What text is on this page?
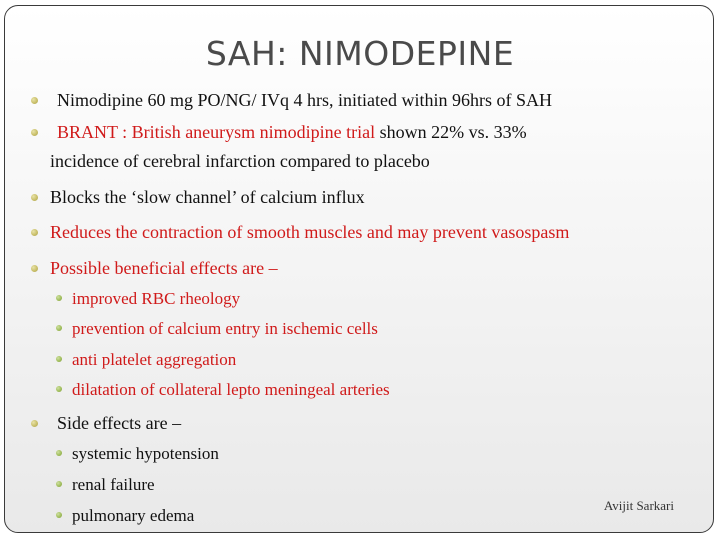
SAH: NIMODEPINE
Nimodipine 60 mg PO/NG/ IVq 4 hrs, initiated within 96hrs of SAH
BRANT : British aneurysm nimodipine trial shown 22% vs. 33%
incidence of cerebral infarction compared to placebo
Blocks the ‘slow channel’ of calcium influx
Reduces the contraction of smooth muscles and may prevent vasospasm
Possible beneficial effects are –
improved RBC rheology
prevention of calcium entry in ischemic cells
anti platelet aggregation
dilatation of collateral lepto meningeal arteries
Side effects are –
systemic hypotension
renal failure
pulmonary edema
Avijit Sarkari
